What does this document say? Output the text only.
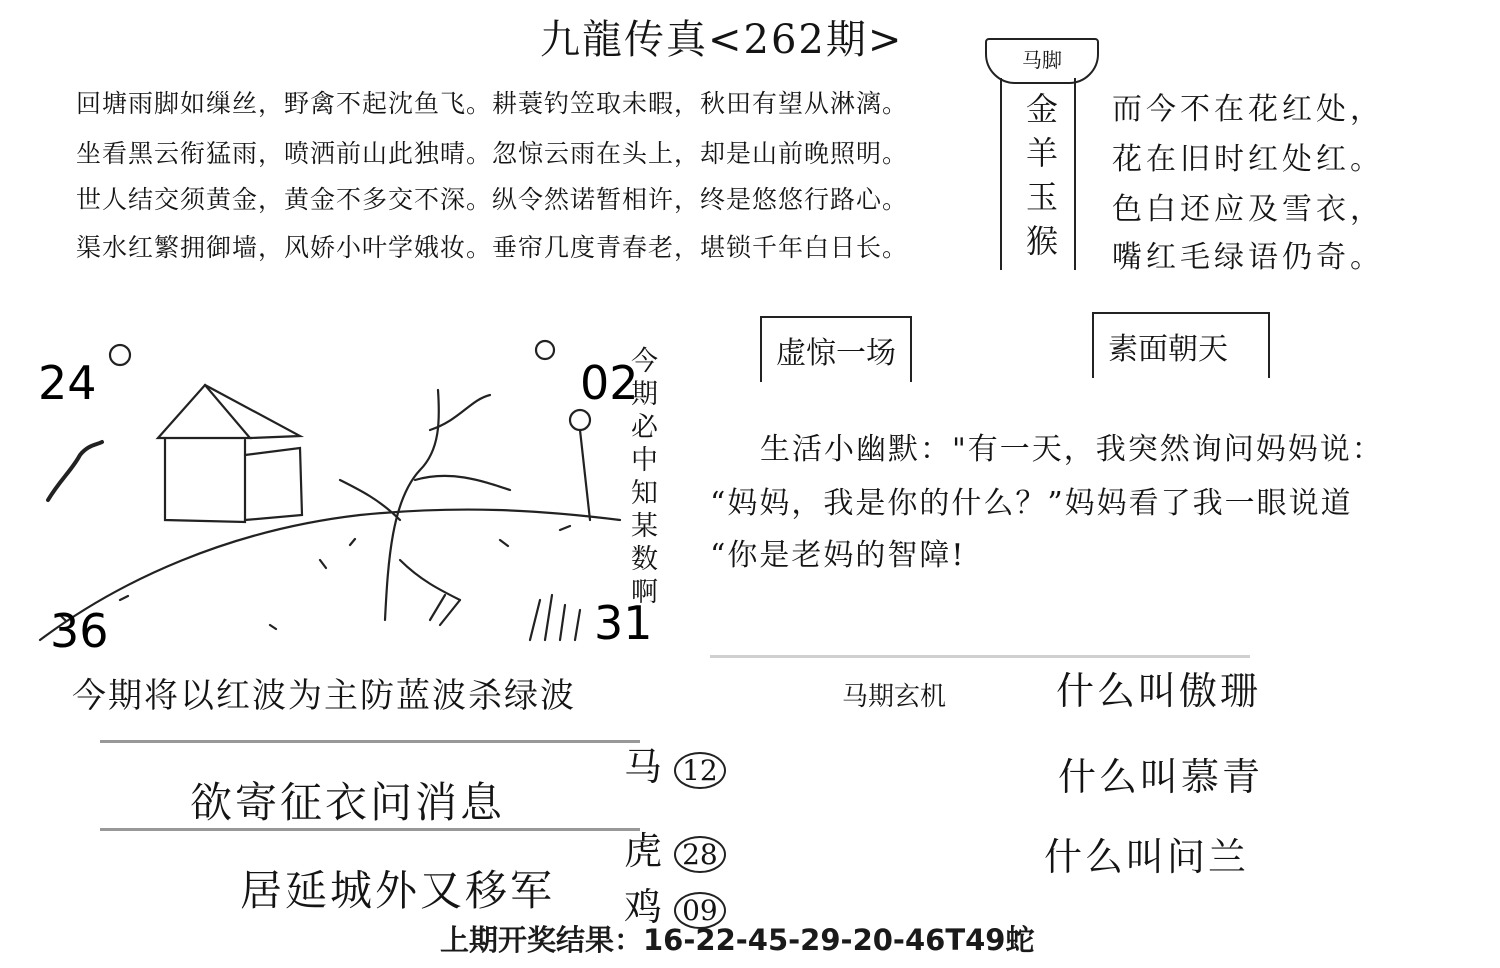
九龍传真<262期>
回塘雨脚如缫丝，野禽不起沈鱼飞。耕蓑钓笠取未暇，秋田有望从淋漓。
坐看黑云衔猛雨，喷洒前山此独晴。忽惊云雨在头上，却是山前晚照明。
世人结交须黄金，黄金不多交不深。纵令然诺暂相许，终是悠悠行路心。
渠水红繁拥御墙，风娇小叶学娥妆。垂帘几度青春老，堪锁千年白日长。
马脚
金羊玉猴 而今不在花红处，
花在旧时红处红。
色白还应及雪衣，
嘴红毛绿语仍奇。
虚惊一场	素面朝天
生活小幽默："有一天，我突然询问妈妈说：
“妈妈，我是你的什么？”妈妈看了我一眼说道
“你是老妈的智障!
24	02
36	31
今期必中知某数啊
今期将以红波为主防蓝波杀绿波
欲寄征衣问消息
居延城外又移军
马 12
虎 28
鸡 09
马期玄机	什么叫傲珊
什么叫慕青
什么叫问兰
上期开奖结果：16-22-45-29-20-46T49蛇
